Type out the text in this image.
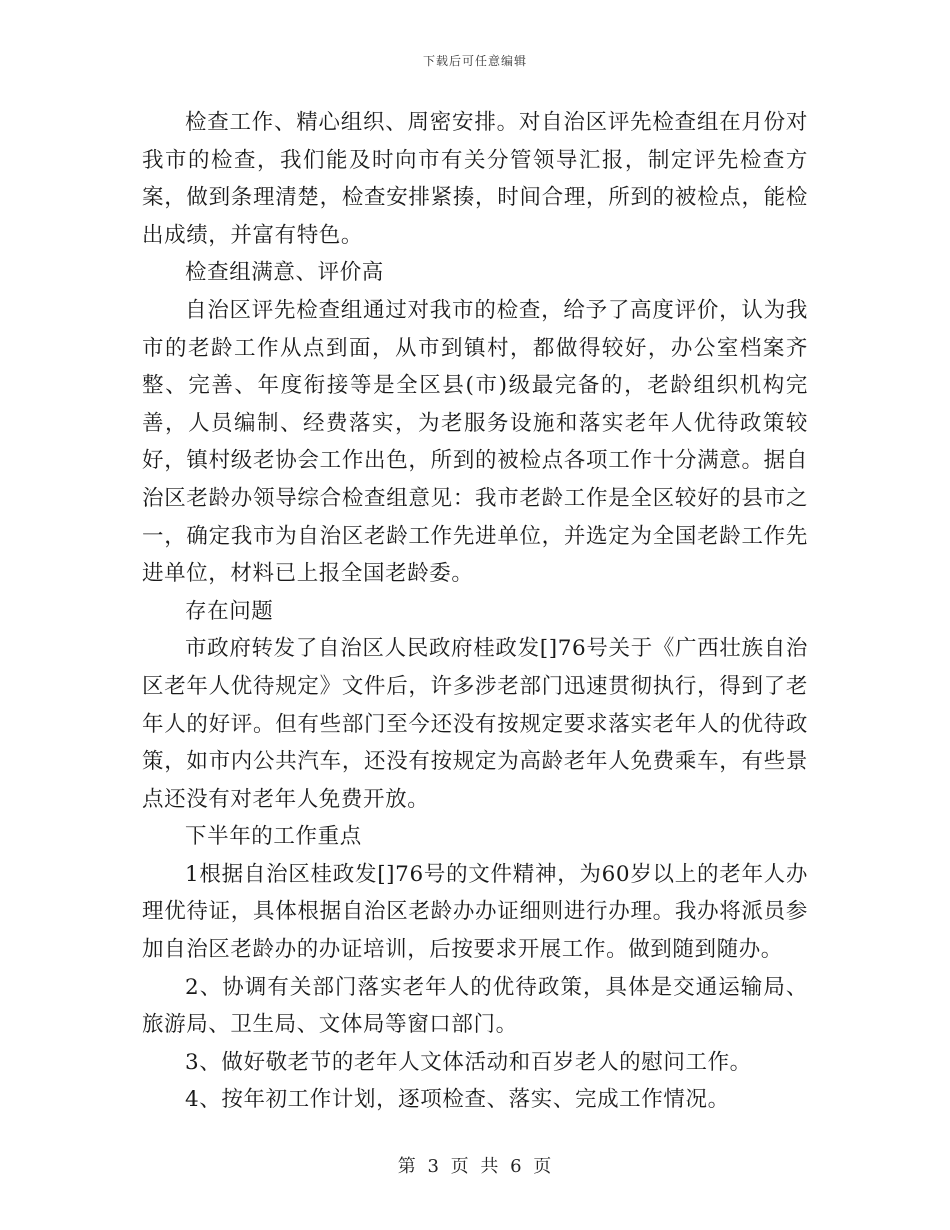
下载后可任意编辑

检查工作、精心组织、周密安排。对自治区评先检查组在月份对我市的检查，我们能及时向市有关分管领导汇报，制定评先检查方案，做到条理清楚，检查安排紧揍，时间合理，所到的被检点，能检出成绩，并富有特色。

检查组满意、评价高

自治区评先检查组通过对我市的检查，给予了高度评价，认为我市的老龄工作从点到面，从市到镇村，都做得较好，办公室档案齐整、完善、年度衔接等是全区县(市)级最完备的，老龄组织机构完善，人员编制、经费落实，为老服务设施和落实老年人优待政策较好，镇村级老协会工作出色，所到的被检点各项工作十分满意。据自治区老龄办领导综合检查组意见：我市老龄工作是全区较好的县市之一，确定我市为自治区老龄工作先进单位，并选定为全国老龄工作先进单位，材料已上报全国老龄委。

存在问题

市政府转发了自治区人民政府桂政发[]76号关于《广西壮族自治区老年人优待规定》文件后，许多涉老部门迅速贯彻执行，得到了老年人的好评。但有些部门至今还没有按规定要求落实老年人的优待政策，如市内公共汽车，还没有按规定为高龄老年人免费乘车，有些景点还没有对老年人免费开放。

下半年的工作重点

1根据自治区桂政发[]76号的文件精神，为60岁以上的老年人办理优待证，具体根据自治区老龄办办证细则进行办理。我办将派员参加自治区老龄办的办证培训，后按要求开展工作。做到随到随办。

2、协调有关部门落实老年人的优待政策，具体是交通运输局、旅游局、卫生局、文体局等窗口部门。

3、做好敬老节的老年人文体活动和百岁老人的慰问工作。

4、按年初工作计划，逐项检查、落实、完成工作情况。

第 3 页 共 6 页
